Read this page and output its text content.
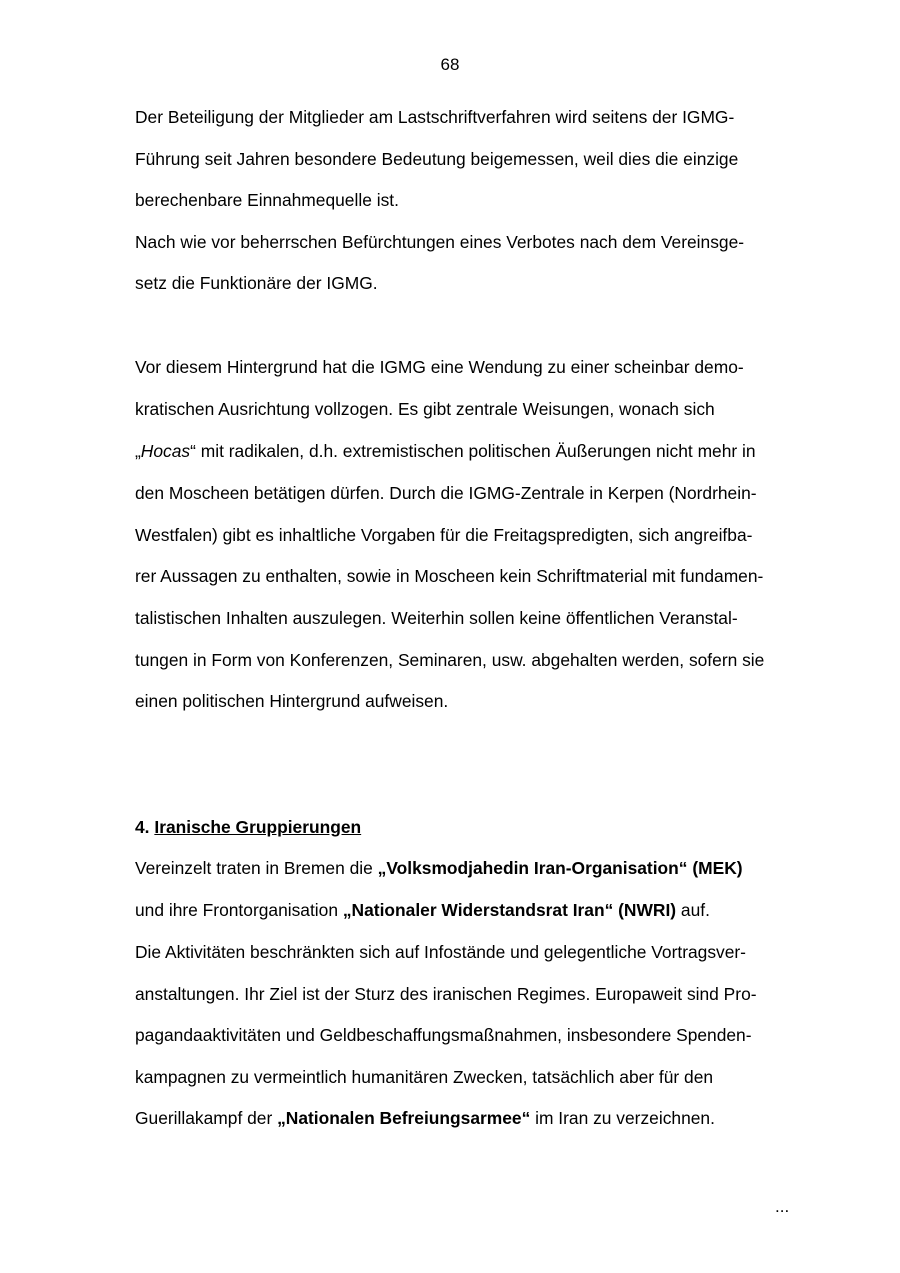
68
Der Beteiligung der Mitglieder am Lastschriftverfahren wird seitens der IGMG-
Führung seit Jahren besondere Bedeutung beigemessen, weil dies die einzige
berechenbare Einnahmequelle ist.
Nach wie vor beherrschen Befürchtungen eines Verbotes nach dem Vereinsge-
setz die Funktionäre der IGMG.
Vor diesem Hintergrund hat die IGMG eine Wendung zu einer scheinbar demo-
kratischen Ausrichtung vollzogen. Es gibt zentrale Weisungen, wonach sich
„Hocas“ mit radikalen, d.h. extremistischen politischen Äußerungen nicht mehr in
den Moscheen betätigen dürfen. Durch die IGMG-Zentrale in Kerpen (Nordrhein-
Westfalen) gibt es inhaltliche Vorgaben für die Freitagspredigten, sich angreifba-
rer Aussagen zu enthalten, sowie in Moscheen kein Schriftmaterial mit fundamen-
talistischen Inhalten auszulegen. Weiterhin sollen keine öffentlichen Veranstal-
tungen in Form von Konferenzen, Seminaren, usw. abgehalten werden, sofern sie
einen politischen Hintergrund aufweisen.
4. Iranische Gruppierungen
Vereinzelt traten in Bremen die „Volksmodjahedin Iran-Organisation“ (MEK)
und ihre Frontorganisation „Nationaler Widerstandsrat Iran“ (NWRI) auf.
Die Aktivitäten beschränkten sich auf Infostände und gelegentliche Vortragsver-
anstaltungen. Ihr Ziel ist der Sturz des iranischen Regimes. Europaweit sind Pro-
pagandaaktivitäten und Geldbeschaffungsmaßnahmen, insbesondere Spenden-
kampagnen zu vermeintlich humanitären Zwecken, tatsächlich aber für den
Guerillakampf der „Nationalen Befreiungsarmee“ im Iran zu verzeichnen.
...
